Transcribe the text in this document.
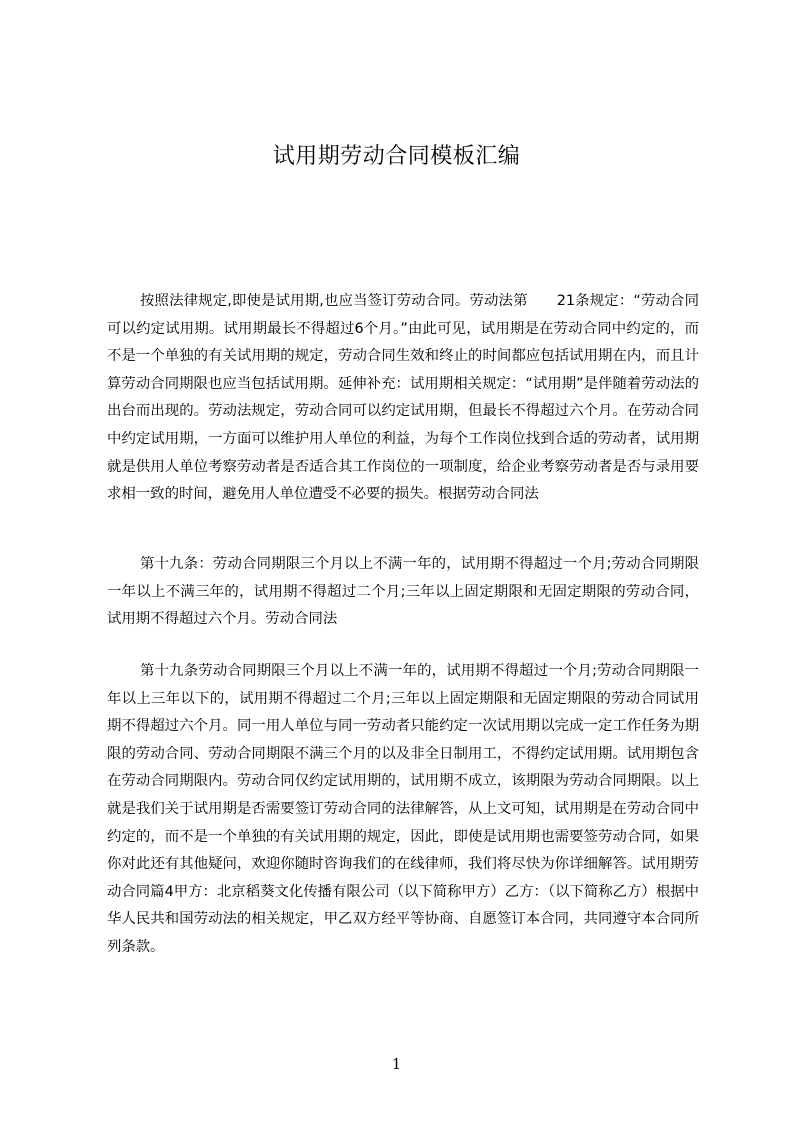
试用期劳动合同模板汇编

按照法律规定,即使是试用期,也应当签订劳动合同。劳动法第　　21条规定：“劳动合同可以约定试用期。试用期最长不得超过6个月。”由此可见，试用期是在劳动合同中约定的，而不是一个单独的有关试用期的规定，劳动合同生效和终止的时间都应包括试用期在内，而且计算劳动合同期限也应当包括试用期。延伸补充：试用期相关规定：“试用期”是伴随着劳动法的出台而出现的。劳动法规定，劳动合同可以约定试用期，但最长不得超过六个月。在劳动合同中约定试用期，一方面可以维护用人单位的利益，为每个工作岗位找到合适的劳动者，试用期就是供用人单位考察劳动者是否适合其工作岗位的一项制度，给企业考察劳动者是否与录用要求相一致的时间，避免用人单位遭受不必要的损失。根据劳动合同法

第十九条：劳动合同期限三个月以上不满一年的，试用期不得超过一个月;劳动合同期限一年以上不满三年的，试用期不得超过二个月;三年以上固定期限和无固定期限的劳动合同，试用期不得超过六个月。劳动合同法

第十九条劳动合同期限三个月以上不满一年的，试用期不得超过一个月;劳动合同期限一年以上三年以下的，试用期不得超过二个月;三年以上固定期限和无固定期限的劳动合同试用期不得超过六个月。同一用人单位与同一劳动者只能约定一次试用期以完成一定工作任务为期限的劳动合同、劳动合同期限不满三个月的以及非全日制用工，不得约定试用期。试用期包含在劳动合同期限内。劳动合同仅约定试用期的，试用期不成立，该期限为劳动合同期限。以上就是我们关于试用期是否需要签订劳动合同的法律解答，从上文可知，试用期是在劳动合同中约定的，而不是一个单独的有关试用期的规定，因此，即使是试用期也需要签劳动合同，如果你对此还有其他疑问，欢迎你随时咨询我们的在线律师，我们将尽快为你详细解答。试用期劳动合同篇4甲方：北京稻葵文化传播有限公司（以下简称甲方）乙方：（以下简称乙方）根据中华人民共和国劳动法的相关规定，甲乙双方经平等协商、自愿签订本合同，共同遵守本合同所列条款。

1
